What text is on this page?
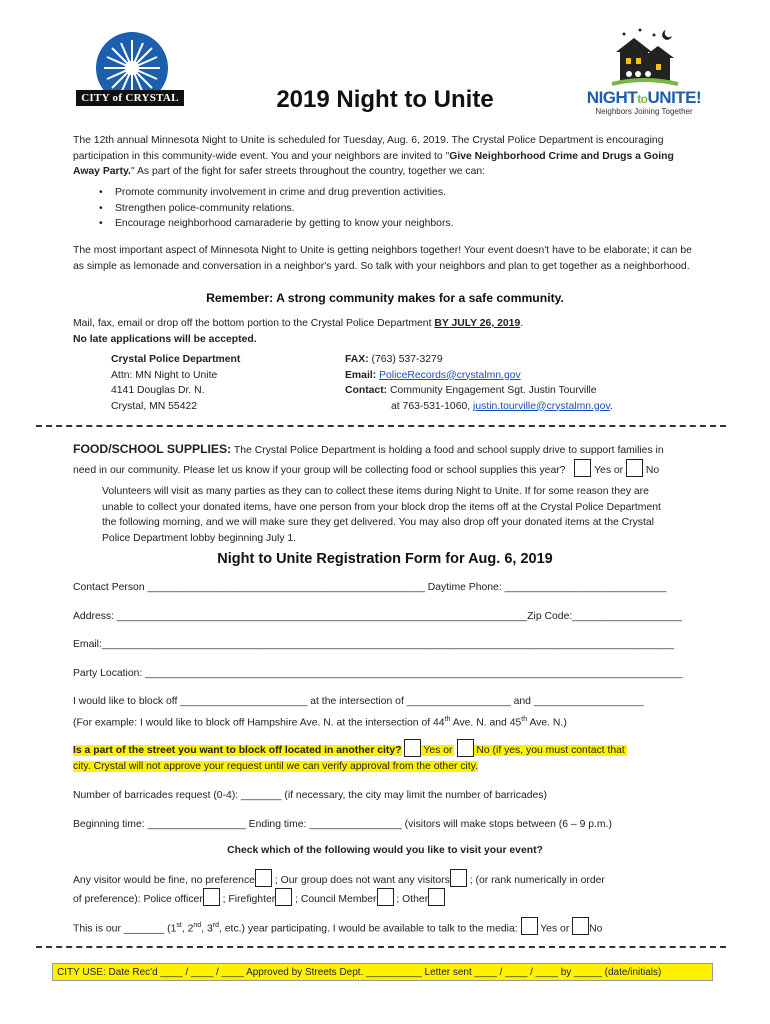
CITY of CRYSTAL	2019 Night to Unite	NIGHTtoUNITE!
Neighbors Joining Together
The 12th annual Minnesota Night to Unite is scheduled for Tuesday, Aug. 6, 2019. The Crystal Police Department is encouraging participation in this community-wide event. You and your neighbors are invited to "Give Neighborhood Crime and Drugs a Going Away Party." As part of the fight for safer streets throughout the country, together we can:
• Promote community involvement in crime and drug prevention activities.
• Strengthen police-community relations.
• Encourage neighborhood camaraderie by getting to know your neighbors.
The most important aspect of Minnesota Night to Unite is getting neighbors together! Your event doesn't have to be elaborate; it can be as simple as lemonade and conversation in a neighbor's yard. So talk with your neighbors and plan to get together as a neighborhood.
Remember: A strong community makes for a safe community.
Mail, fax, email or drop off the bottom portion to the Crystal Police Department BY JULY 26, 2019.
No late applications will be accepted.
Crystal Police Department
Attn: MN Night to Unite
4141 Douglas Dr. N.
Crystal, MN 55422
FAX: (763) 537-3279
Email: PoliceRecords@crystalmn.gov
Contact: Community Engagement Sgt. Justin Tourville
at 763-531-1060, justin.tourville@crystalmn.gov.
FOOD/SCHOOL SUPPLIES: The Crystal Police Department is holding a food and school supply drive to support families in
need in our community. Please let us know if your group will be collecting food or school supplies this year?	Yes or No
Volunteers will visit as many parties as they can to collect these items during Night to Unite. If for some reason they are unable to collect your donated items, have one person from your block drop the items off at the Crystal Police Department the following morning, and we will make sure they get delivered. You may also drop off your donated items at the Crystal Police Department lobby beginning July 1.
Night to Unite Registration Form for Aug. 6, 2019
Contact Person ________________________________________________ Daytime Phone: ____________________________
Address: _______________________________________________________________________Zip Code:___________________
Email:___________________________________________________________________________________________________
Party Location: _____________________________________________________________________________________________
I would like to block off ______________________ at the intersection of __________________ and ___________________
(For example: I would like to block off Hampshire Ave. N. at the intersection of 44th Ave. N. and 45th Ave. N.)
Is a part of the street you want to block off located in another city? Yes or No (if yes, you must contact that
city. Crystal will not approve your request until we can verify approval from the other city.
Number of barricades request (0-4): _______ (if necessary, the city may limit the number of barricades)
Beginning time: _________________ Ending time: ________________ (visitors will make stops between (6 – 9 p.m.)
Check which of the following would you like to visit your event?
Any visitor would be fine, no preference ; Our group does not want any visitors ; (or rank numerically in order
of preference): Police officer ; Firefighter ; Council Member ; Other
This is our _______ (1st, 2nd, 3rd, etc.) year participating. I would be available to talk to the media: Yes or No
CITY USE: Date Rec'd ____ / ____ / ____ Approved by Streets Dept. __________ Letter sent ____ / ____ / ____ by _____ (date/initials)
